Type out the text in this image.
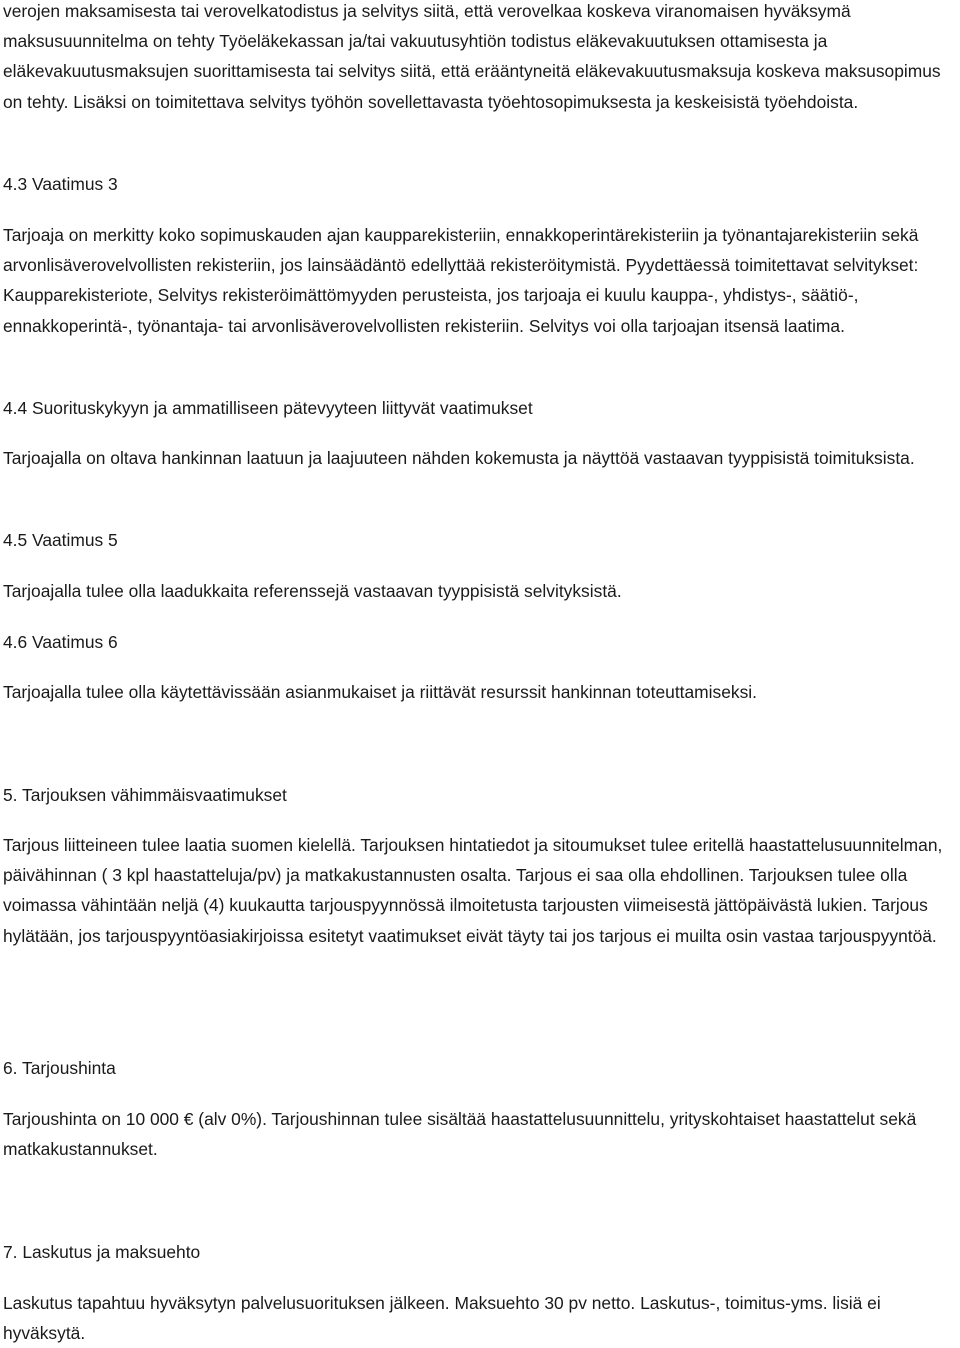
verojen maksamisesta tai verovelkatodistus ja selvitys siitä, että verovelkaa koskeva viranomaisen hyväksymä maksusuunnitelma on tehty Työeläkekassan ja/tai vakuutusyhtiön todistus eläkevakuutuksen ottamisesta ja eläkevakuutusmaksujen suorittamisesta tai selvitys siitä, että erääntyneitä eläkevakuutusmaksuja koskeva maksusopimus on tehty. Lisäksi on toimitettava selvitys työhön sovellettavasta työehtosopimuksesta ja keskeisistä työehdoista.

4.3 Vaatimus 3

Tarjoaja on merkitty koko sopimuskauden ajan kaupparekisteriin, ennakkoperintärekisteriin ja työnantajarekisteriin sekä arvonlisäverovelvollisten rekisteriin, jos lainsäädäntö edellyttää rekisteröitymistä. Pyydettäessä toimitettavat selvitykset: Kaupparekisteriote, Selvitys rekisteröimättömyyden perusteista, jos tarjoaja ei kuulu kauppa-, yhdistys-, säätiö-, ennakkoperintä-, työnantaja- tai arvonlisäverovelvollisten rekisteriin. Selvitys voi olla tarjoajan itsensä laatima.

4.4 Suorituskykyyn ja ammatilliseen pätevyyteen liittyvät vaatimukset

Tarjoajalla on oltava hankinnan laatuun ja laajuuteen nähden kokemusta ja näyttöä vastaavan tyyppisistä toimituksista.

4.5 Vaatimus 5

Tarjoajalla tulee olla laadukkaita referenssejä vastaavan tyyppisistä selvityksistä.

4.6 Vaatimus 6

Tarjoajalla tulee olla käytettävissään asianmukaiset ja riittävät resurssit hankinnan toteuttamiseksi.

5. Tarjouksen vähimmäisvaatimukset

Tarjous liitteineen tulee laatia suomen kielellä. Tarjouksen hintatiedot ja sitoumukset tulee eritellä haastattelusuunnitelman, päivähinnan ( 3 kpl haastatteluja/pv) ja matkakustannusten osalta. Tarjous ei saa olla ehdollinen. Tarjouksen tulee olla voimassa vähintään neljä (4) kuukautta tarjouspyynnössä ilmoitetusta tarjousten viimeisestä jättöpäivästä lukien. Tarjous hylätään, jos tarjouspyyntöasiakirjoissa esitetyt vaatimukset eivät täyty tai jos tarjous ei muilta osin vastaa tarjouspyyntöä.

6. Tarjoushinta

Tarjoushinta on 10 000 € (alv 0%). Tarjoushinnan tulee sisältää haastattelusuunnittelu, yrityskohtaiset haastattelut sekä matkakustannukset.

7. Laskutus ja maksuehto

Laskutus tapahtuu hyväksytyn palvelusuorituksen jälkeen. Maksuehto 30 pv netto. Laskutus-, toimitus-yms. lisiä ei hyväksytä.
